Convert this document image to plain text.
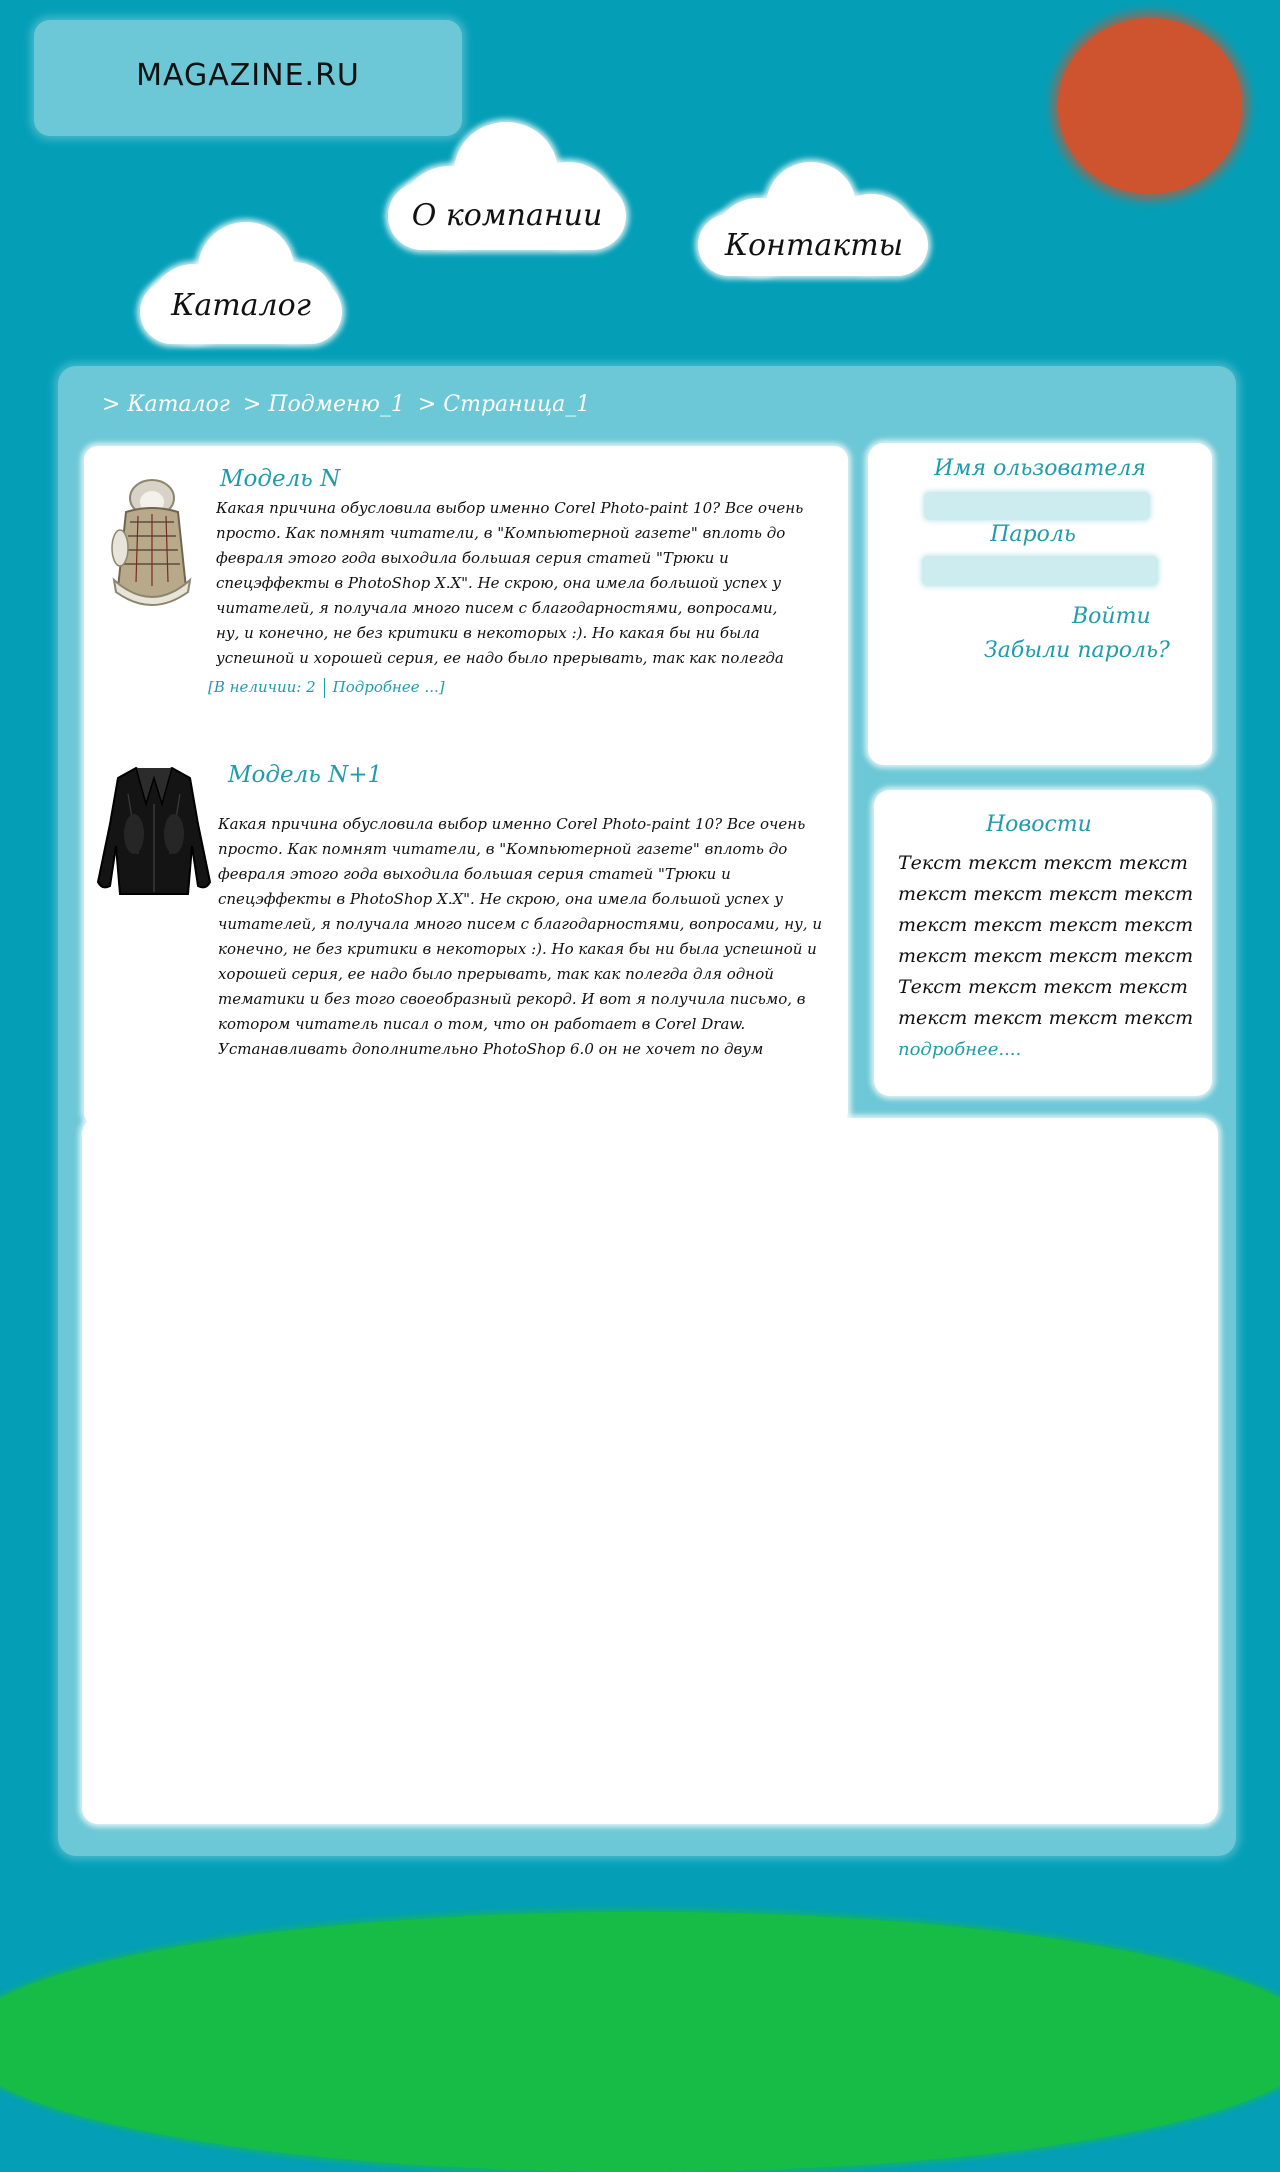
MAGAZINE.RU
О компании
Контакты
Каталог
> Каталог > Подменю_1 > Страница_1
Модель N
Какая причина обусловила выбор именно Corel Photo-paint 10? Все очень просто. Как помнят читатели, в "Компьютерной газете" вплоть до февраля этого года выходила большая серия статей "Трюки и спецэффекты в PhotoShop X.X". Не скрою, она имела большой успех у читателей, я получала много писем с благодарностями, вопросами, ну, и конечно, не без критики в некоторых :). Но какая бы ни была успешной и хорошей серия, ее надо было прерывать, так как полегда
[В неличии: 2 Подробнее ...]
Модель N+1
Какая причина обусловила выбор именно Corel Photo-paint 10? Все очень просто. Как помнят читатели, в "Компьютерной газете" вплоть до февраля этого года выходила большая серия статей "Трюки и спецэффекты в PhotoShop X.X". Не скрою, она имела большой успех у читателей, я получала много писем с благодарностями, вопросами, ну, и конечно, не без критики в некоторых :). Но какая бы ни была успешной и хорошей серия, ее надо было прерывать, так как полегда для одной тематики и без того своеобразный рекорд. И вот я получила письмо, в котором читатель писал о том, что он работает в Corel Draw. Устанавливать дополнительно PhotoShop 6.0 он не хочет по двум
Имя ользователя
Пароль
Войти
Забыли пароль?
Новости
Текст текст текст текст
текст текст текст текст
текст текст текст текст
текст текст текст текст
Текст текст текст текст
текст текст текст текст
подробнее....
